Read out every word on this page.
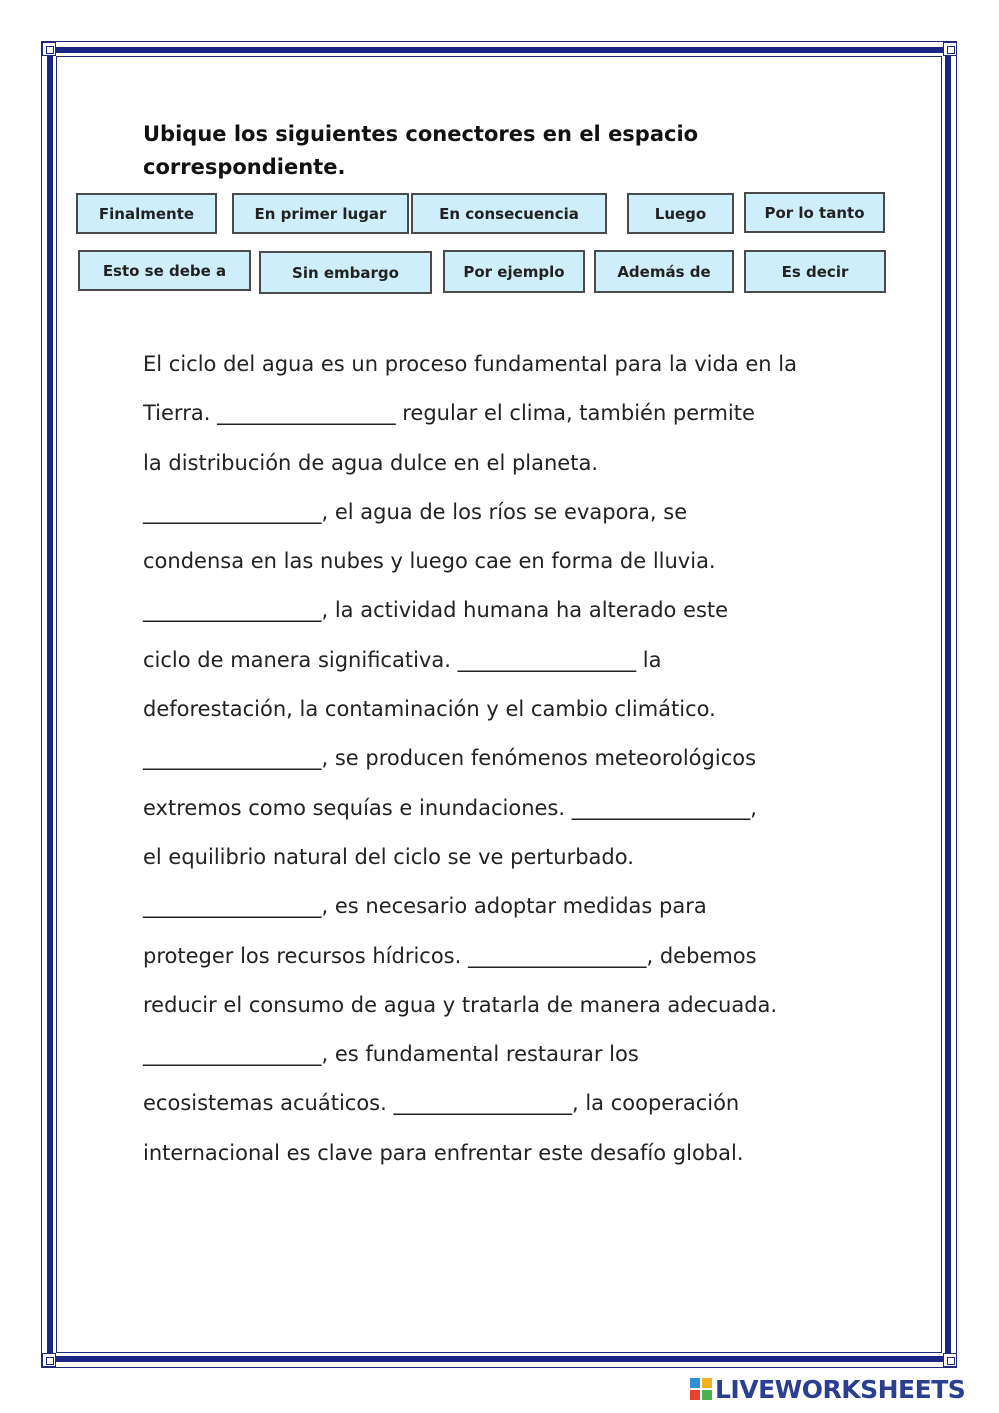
Ubique los siguientes conectores en el espacio
correspondiente.
Finalmente	En primer lugar	En consecuencia	Luego	Por lo tanto
Esto se debe a	Sin embargo	Por ejemplo	Además de	Es decir
El ciclo del agua es un proceso fundamental para la vida en la
Tierra. _________________ regular el clima, también permite
la distribución de agua dulce en el planeta.
_________________, el agua de los ríos se evapora, se
condensa en las nubes y luego cae en forma de lluvia.
_________________, la actividad humana ha alterado este
ciclo de manera significativa. _________________ la
deforestación, la contaminación y el cambio climático.
_________________, se producen fenómenos meteorológicos
extremos como sequías e inundaciones. _________________,
el equilibrio natural del ciclo se ve perturbado.
_________________, es necesario adoptar medidas para
proteger los recursos hídricos. _________________, debemos
reducir el consumo de agua y tratarla de manera adecuada.
_________________, es fundamental restaurar los
ecosistemas acuáticos. _________________, la cooperación
internacional es clave para enfrentar este desafío global.
LIVEWORKSHEETS
